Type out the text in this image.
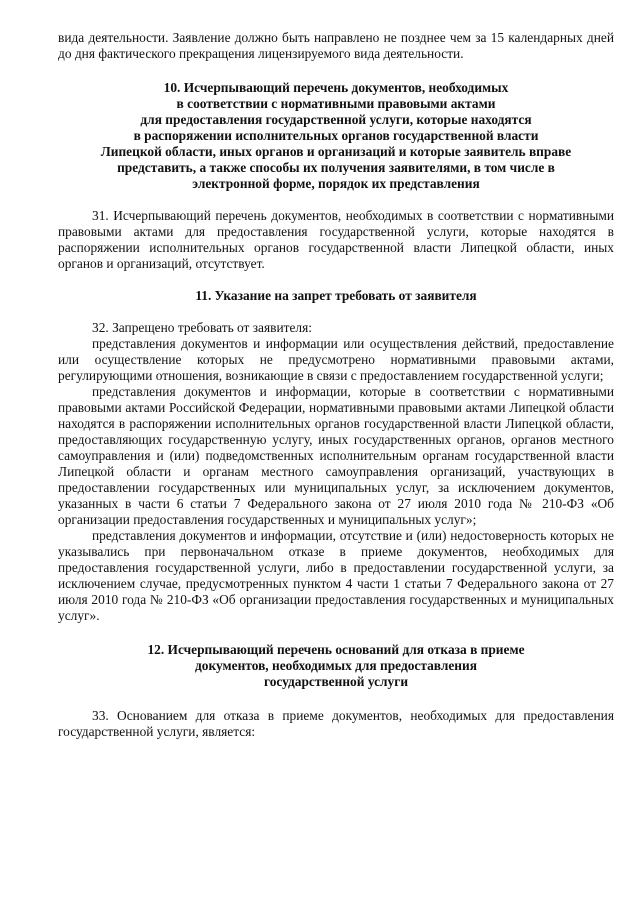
вида деятельности. Заявление должно быть направлено не позднее чем за 15 календарных дней до дня фактического прекращения лицензируемого вида деятельности.

10. Исчерпывающий перечень документов, необходимых
в соответствии с нормативными правовыми актами
для предоставления государственной услуги, которые находятся
в распоряжении исполнительных органов государственной власти
Липецкой области, иных органов и организаций и которые заявитель вправе
представить, а также способы их получения заявителями, в том числе в
электронной форме, порядок их представления

31. Исчерпывающий перечень документов, необходимых в соответствии с нормативными правовыми актами для предоставления государственной услуги, которые находятся в распоряжении исполнительных органов государственной власти Липецкой области, иных органов и организаций, отсутствует.

11. Указание на запрет требовать от заявителя

32. Запрещено требовать от заявителя:

представления документов и информации или осуществления действий, предоставление или осуществление которых не предусмотрено нормативными правовыми актами, регулирующими отношения, возникающие в связи с предоставлением государственной услуги;

представления документов и информации, которые в соответствии с нормативными правовыми актами Российской Федерации, нормативными правовыми актами Липецкой области находятся в распоряжении исполнительных органов государственной власти Липецкой области, предоставляющих государственную услугу, иных государственных органов, органов местного самоуправления и (или) подведомственных исполнительным органам государственной власти Липецкой области и органам местного самоуправления организаций, участвующих в предоставлении государственных или муниципальных услуг, за исключением документов, указанных в части 6 статьи 7 Федерального закона от 27 июля 2010 года № 210-ФЗ «Об организации предоставления государственных и муниципальных услуг»;

представления документов и информации, отсутствие и (или) недостоверность которых не указывались при первоначальном отказе в приеме документов, необходимых для предоставления государственной услуги, либо в предоставлении государственной услуги, за исключением случае, предусмотренных пунктом 4 части 1 статьи 7 Федерального закона от 27 июля 2010 года № 210-ФЗ «Об организации предоставления государственных и муниципальных услуг».

12. Исчерпывающий перечень оснований для отказа в приеме
документов, необходимых для предоставления
государственной услуги

33. Основанием для отказа в приеме документов, необходимых для предоставления государственной услуги, является:
